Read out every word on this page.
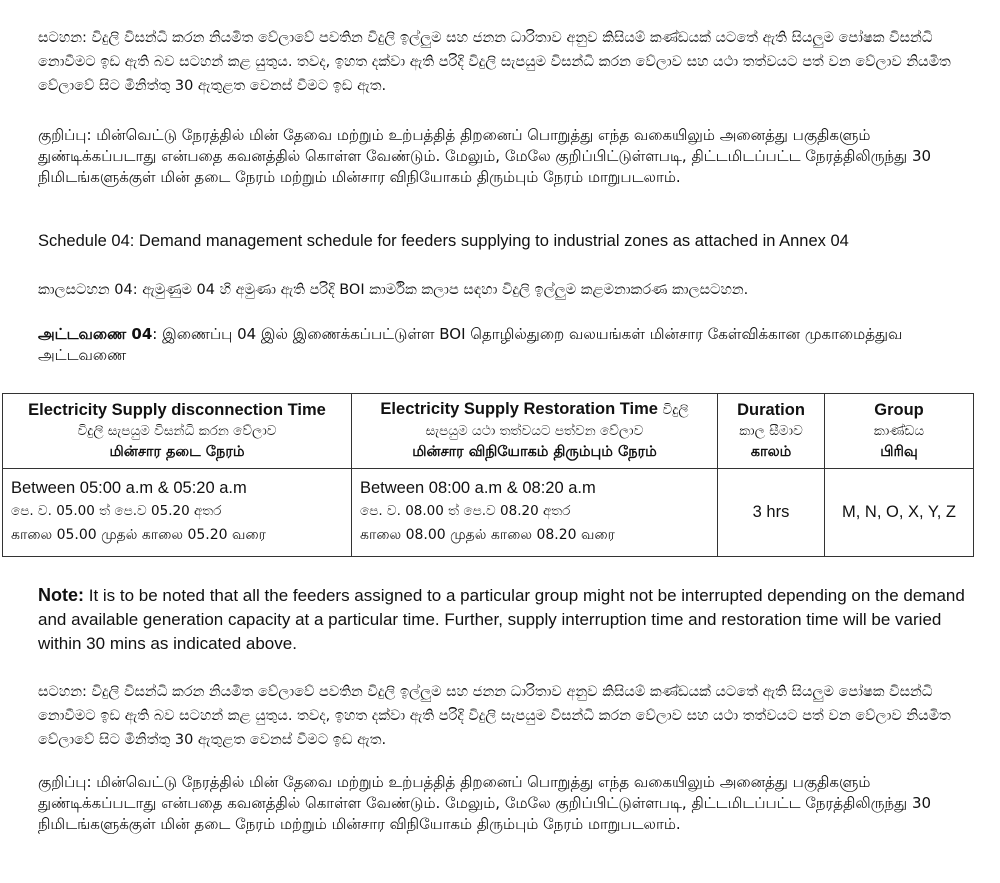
සටහන: විදුලි විසන්ධි කරන නියමිත වේලාවේ පවතින විදුලි ඉල්ලුම සහ ජනන ධාරිතාව අනුව කිසියම් කණ්ඩයක් යටතේ ඇති සියලුම පෝෂක විසන්ධි නොවීමට ඉඩ ඇති බව සටහන් කළ යුතුය. තවද, ඉහත දක්වා ඇති පරිදි විදුලි සැපයුම විසන්ධි කරන වේලාව සහ යථා තත්වයට පත් වන වේලාව නියමිත වේලාවේ සිට මිනිත්තු 30 ඇතුළත වෙනස් වීමට ඉඩ ඇත.
குறிப்பு: மின்வெட்டு நேரத்தில் மின் தேவை மற்றும் உற்பத்தித் திறனைப் பொறுத்து எந்த வகையிலும் அனைத்து பகுதிகளும் துண்டிக்கப்படாது என்பதை கவனத்தில் கொள்ள வேண்டும். மேலும், மேலே குறிப்பிட்டுள்ளபடி, திட்டமிடப்பட்ட நேரத்திலிருந்து 30 நிமிடங்களுக்குள் மின் தடை நேரம் மற்றும் மின்சார விநியோகம் திரும்பும் நேரம் மாறுபடலாம்.
Schedule 04: Demand management schedule for feeders supplying to industrial zones as attached in Annex 04
කාලසටහන 04: ඇමුණුම 04 හි අමුණා ඇති පරිදි BOI කාර්මික කලාප සඳහා විදුලි ඉල්ලුම කළමනාකරණ කාලසටහන.
அட்டவணை 04: இணைப்பு 04 இல் இணைக்கப்பட்டுள்ள BOI தொழில்துறை வலயங்கள் மின்சார கேள்விக்கான முகாமைத்துவ அட்டவணை
Electricity Supply disconnection Time
විදුලි සැපයුම විසන්ධි කරන වේලාව
மின்சார தடை நேரம்	Electricity Supply Restoration Time විදුලි
සැපයුම යථා තත්වයට පත්වන වේලාව
மின்சார விநியோகம் திரும்பும் நேரம்	Duration
කාල සීමාව
காலம்	Group
කාණ්ඩය
பிரிவு

Between 05:00 a.m & 05:20 a.m
පෙ. ව. 05.00 ත් පෙ.ව 05.20 අතර
காலை 05.00 முதல் காலை 05.20 வரை	Between 08:00 a.m & 08:20 a.m
පෙ. ව. 08.00 ත් පෙ.ව 08.20 අතර
காலை 08.00 முதல் காலை 08.20 வரை	3 hrs	M, N, O, X, Y, Z
Note: It is to be noted that all the feeders assigned to a particular group might not be interrupted depending on the demand and available generation capacity at a particular time. Further, supply interruption time and restoration time will be varied within 30 mins as indicated above.
සටහන: විදුලි විසන්ධි කරන නියමිත වේලාවේ පවතින විදුලි ඉල්ලුම සහ ජනන ධාරිතාව අනුව කිසියම් කණ්ඩයක් යටතේ ඇති සියලුම පෝෂක විසන්ධි නොවීමට ඉඩ ඇති බව සටහන් කළ යුතුය. තවද, ඉහත දක්වා ඇති පරිදි විදුලි සැපයුම විසන්ධි කරන වේලාව සහ යථා තත්වයට පත් වන වේලාව නියමිත වේලාවේ සිට මිනිත්තු 30 ඇතුළත වෙනස් වීමට ඉඩ ඇත.
குறிப்பு: மின்வெட்டு நேரத்தில் மின் தேவை மற்றும் உற்பத்தித் திறனைப் பொறுத்து எந்த வகையிலும் அனைத்து பகுதிகளும் துண்டிக்கப்படாது என்பதை கவனத்தில் கொள்ள வேண்டும். மேலும், மேலே குறிப்பிட்டுள்ளபடி, திட்டமிடப்பட்ட நேரத்திலிருந்து 30 நிமிடங்களுக்குள் மின் தடை நேரம் மற்றும் மின்சார விநியோகம் திரும்பும் நேரம் மாறுபடலாம்.
